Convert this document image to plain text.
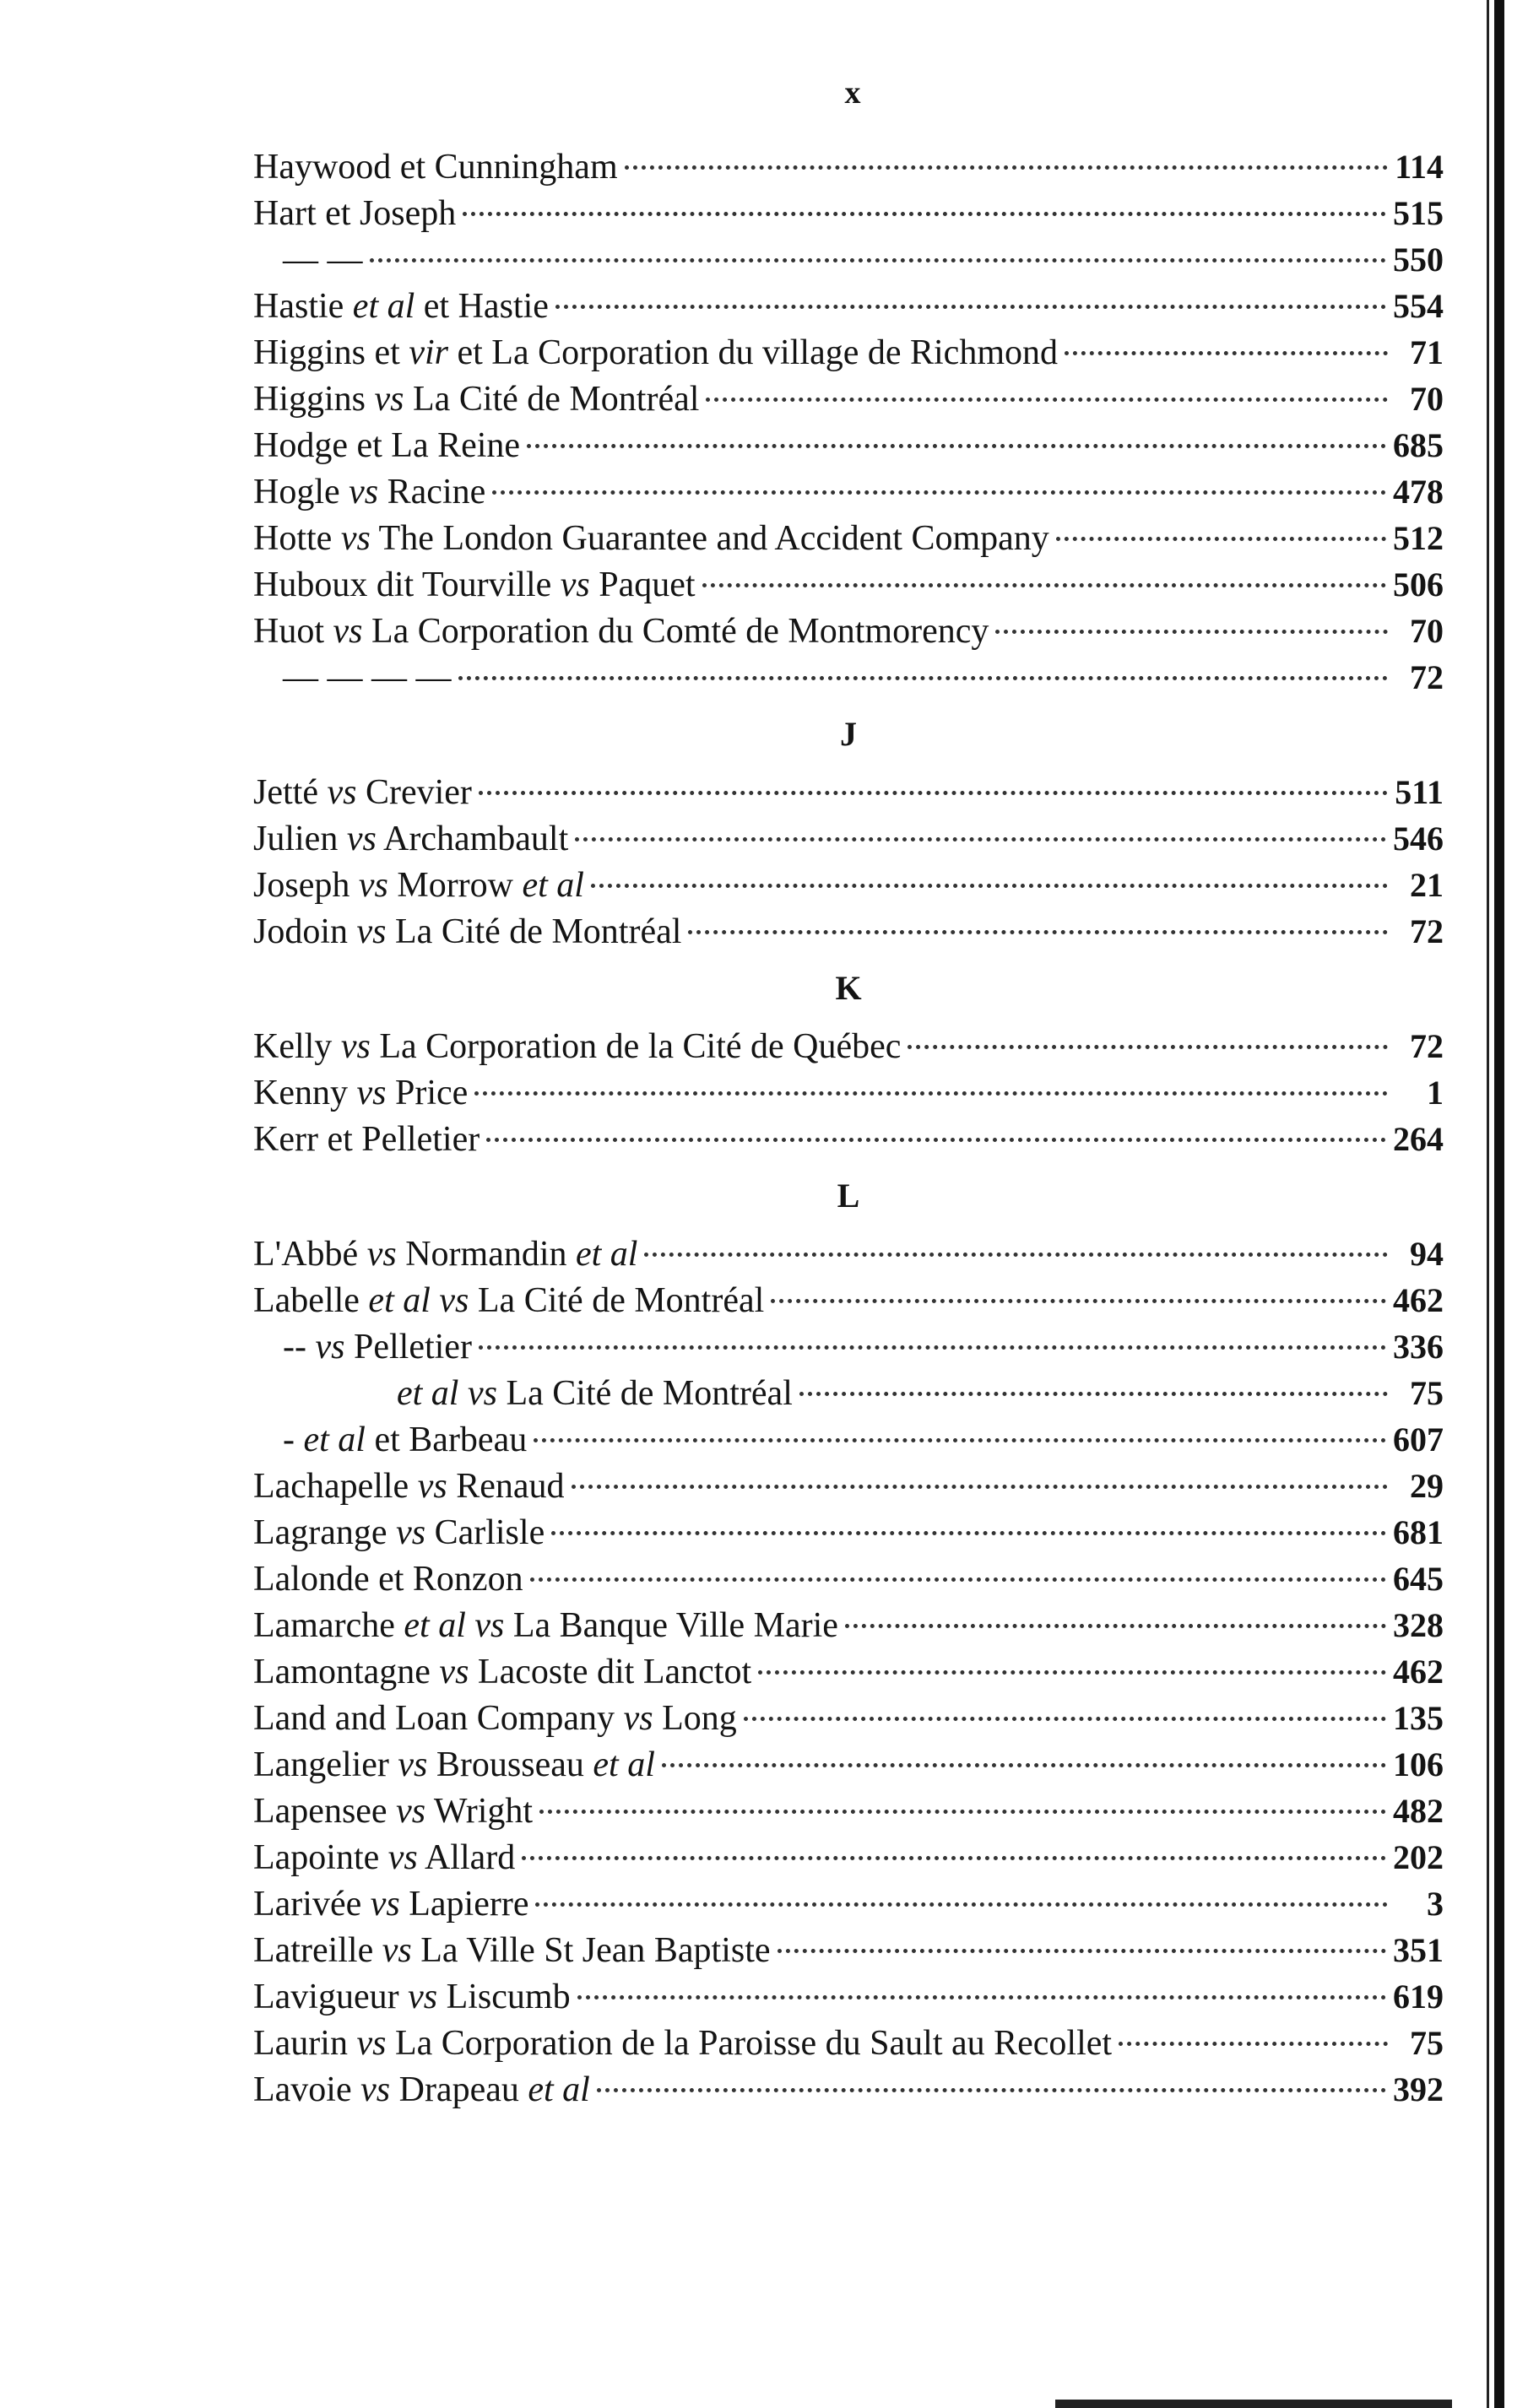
x
Haywood et Cunningham	114
Hart et Joseph	515
— —	550
Hastie et al et Hastie	554
Higgins et vir et La Corporation du village de Richmond	71
Higgins vs La Cité de Montréal	70
Hodge et La Reine	685
Hogle vs Racine	478
Hotte vs The London Guarantee and Accident Company	512
Huboux dit Tourville vs Paquet	506
Huot vs La Corporation du Comté de Montmorency	70
— — — —	72
J
Jetté vs Crevier	511
Julien vs Archambault	546
Joseph vs Morrow et al	21
Jodoin vs La Cité de Montréal	72
K
Kelly vs La Corporation de la Cité de Québec	72
Kenny vs Price	1
Kerr et Pelletier	264
L
L'Abbé vs Normandin et al	94
Labelle et al vs La Cité de Montréal	462
-- vs Pelletier	336
et al vs La Cité de Montréal	75
- et al et Barbeau	607
Lachapelle vs Renaud	29
Lagrange vs Carlisle	681
Lalonde et Ronzon	645
Lamarche et al vs La Banque Ville Marie	328
Lamontagne vs Lacoste dit Lanctot	462
Land and Loan Company vs Long	135
Langelier vs Brousseau et al	106
Lapensee vs Wright	482
Lapointe vs Allard	202
Larivée vs Lapierre	3
Latreille vs La Ville St Jean Baptiste	351
Lavigueur vs Liscumb	619
Laurin vs La Corporation de la Paroisse du Sault au Recollet	75
Lavoie vs Drapeau et al	392
